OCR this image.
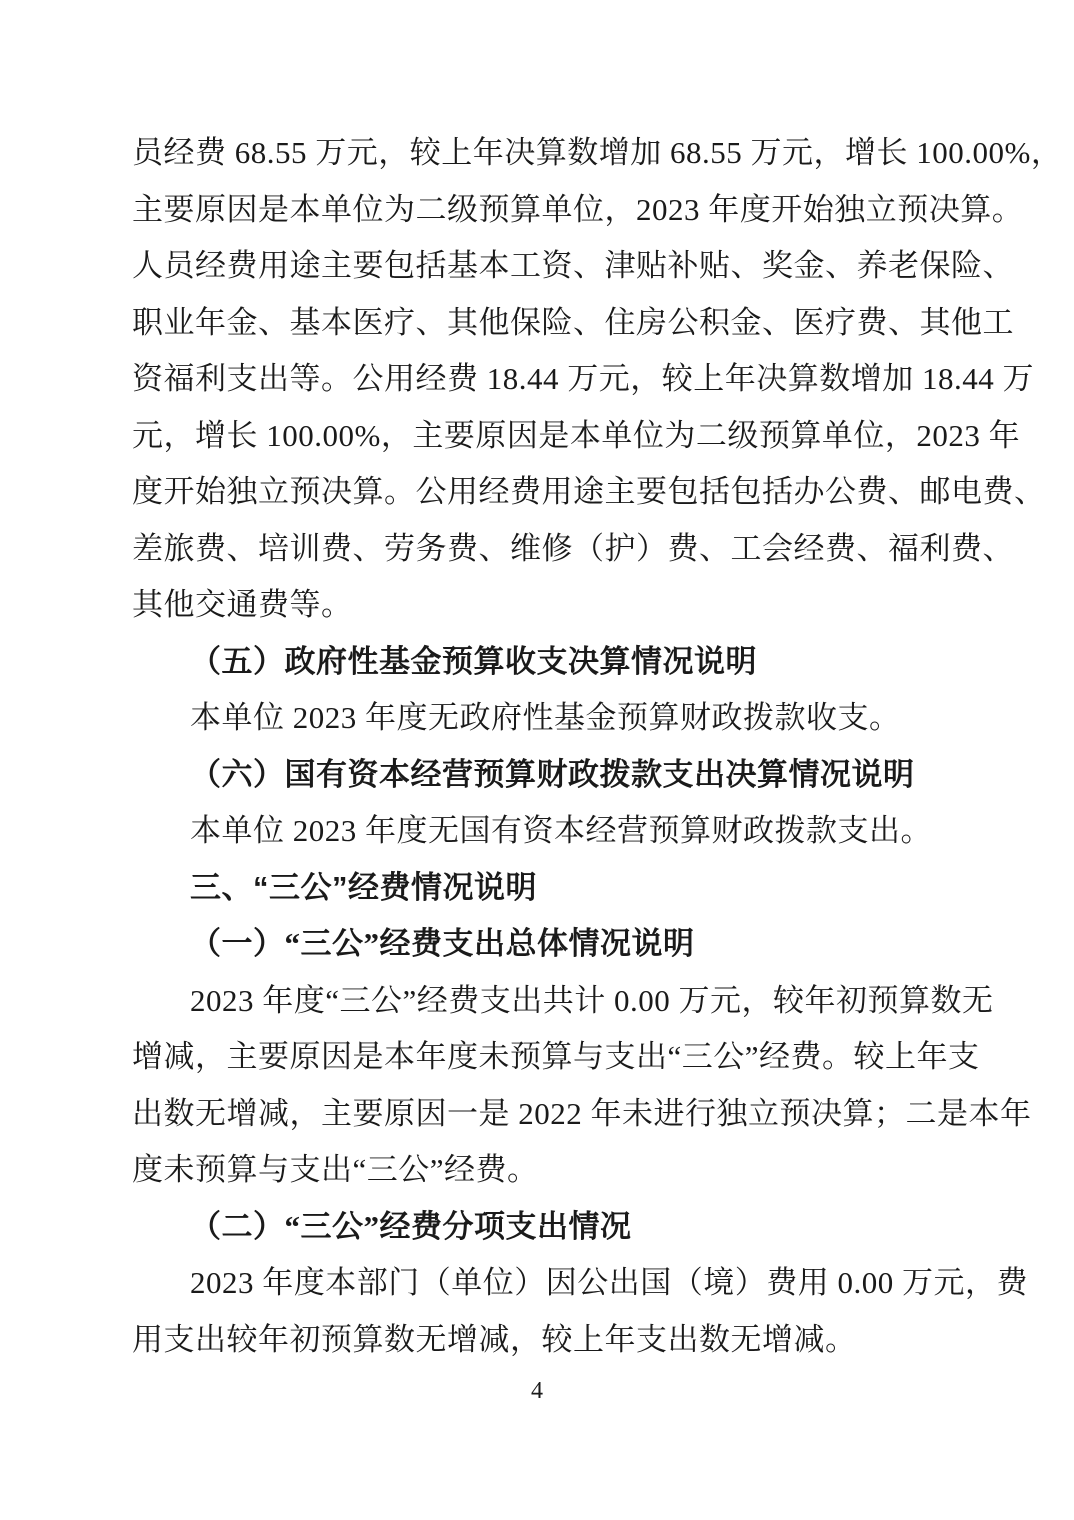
员经费 68.55 万元，较上年决算数增加 68.55 万元，增长 100.00%，
主要原因是本单位为二级预算单位，2023 年度开始独立预决算。
人员经费用途主要包括基本工资、津贴补贴、奖金、养老保险、
职业年金、基本医疗、其他保险、住房公积金、医疗费、其他工
资福利支出等。公用经费 18.44 万元，较上年决算数增加 18.44 万
元，增长 100.00%，主要原因是本单位为二级预算单位，2023 年
度开始独立预决算。公用经费用途主要包括包括办公费、邮电费、
差旅费、培训费、劳务费、维修（护）费、工会经费、福利费、
其他交通费等。
（五）政府性基金预算收支决算情况说明
本单位 2023 年度无政府性基金预算财政拨款收支。
（六）国有资本经营预算财政拨款支出决算情况说明
本单位 2023 年度无国有资本经营预算财政拨款支出。
三、“三公”经费情况说明
（一）“三公”经费支出总体情况说明
2023 年度“三公”经费支出共计 0.00 万元，较年初预算数无
增减，主要原因是本年度未预算与支出“三公”经费。较上年支
出数无增减，主要原因一是 2022 年未进行独立预决算；二是本年
度未预算与支出“三公”经费。
（二）“三公”经费分项支出情况
2023 年度本部门（单位）因公出国（境）费用 0.00 万元，费
用支出较年初预算数无增减，较上年支出数无增减。
4
